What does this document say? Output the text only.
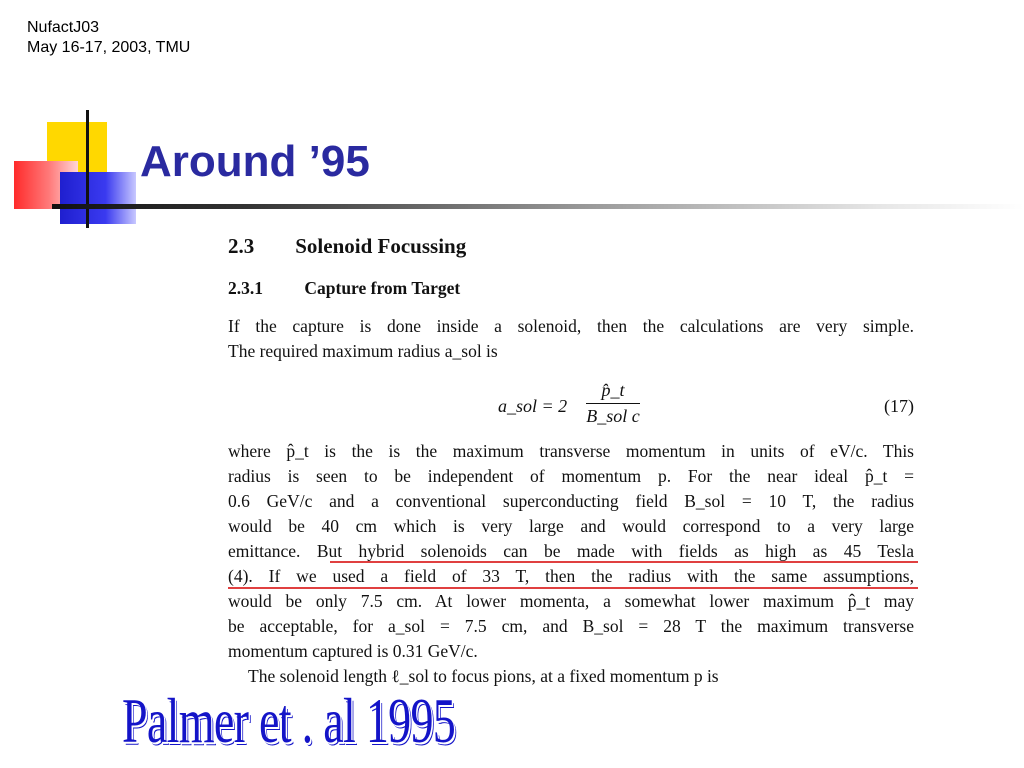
NufactJ03
May 16-17, 2003, TMU
Around ’95
2.3 Solenoid Focussing
2.3.1 Capture from Target
If the capture is done inside a solenoid, then the calculations are very simple.
The required maximum radius a_sol is
a_sol = 2
p̂_t
B_sol c	(17)
where p̂_t is the is the maximum transverse momentum in units of eV/c. This
radius is seen to be independent of momentum p. For the near ideal p̂_t =
0.6 GeV/c and a conventional superconducting field B_sol = 10 T, the radius
would be 40 cm which is very large and would correspond to a very large
emittance. But hybrid solenoids can be made with fields as high as 45 Tesla
(4). If we used a field of 33 T, then the radius with the same assumptions,
would be only 7.5 cm. At lower momenta, a somewhat lower maximum p̂_t may
be acceptable, for a_sol = 7.5 cm, and B_sol = 28 T the maximum transverse
momentum captured is 0.31 GeV/c.
The solenoid length ℓ_sol to focus pions, at a fixed momentum p is
Palmer et . al 1995
